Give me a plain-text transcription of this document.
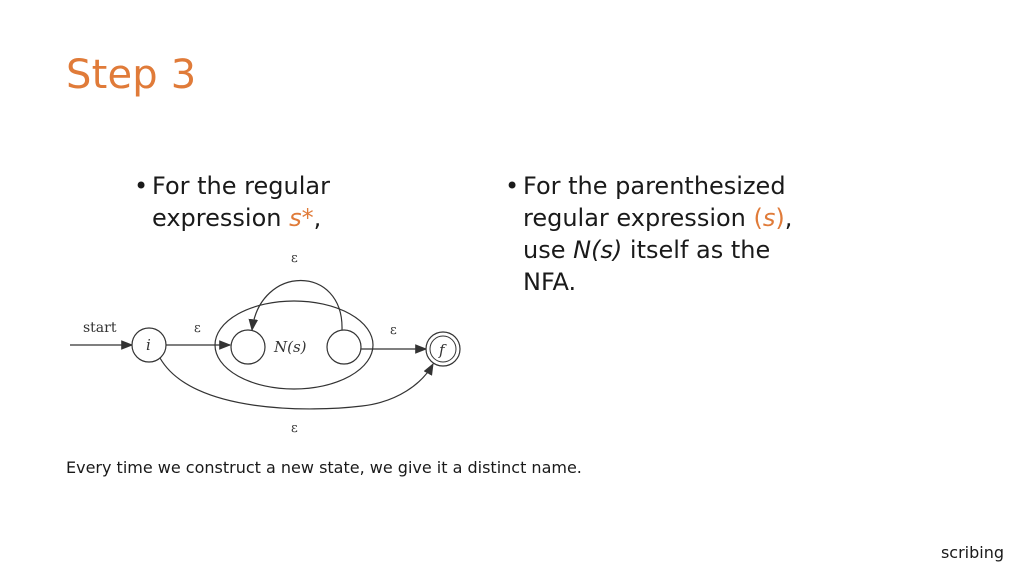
Step 3
• For the regular expression s*,
• For the parenthesized regular expression (s), use N(s) itself as the NFA.
start
i
ε
N(s)
ε
ε
f
ε
Every time we construct a new state, we give it a distinct name.
scribing
